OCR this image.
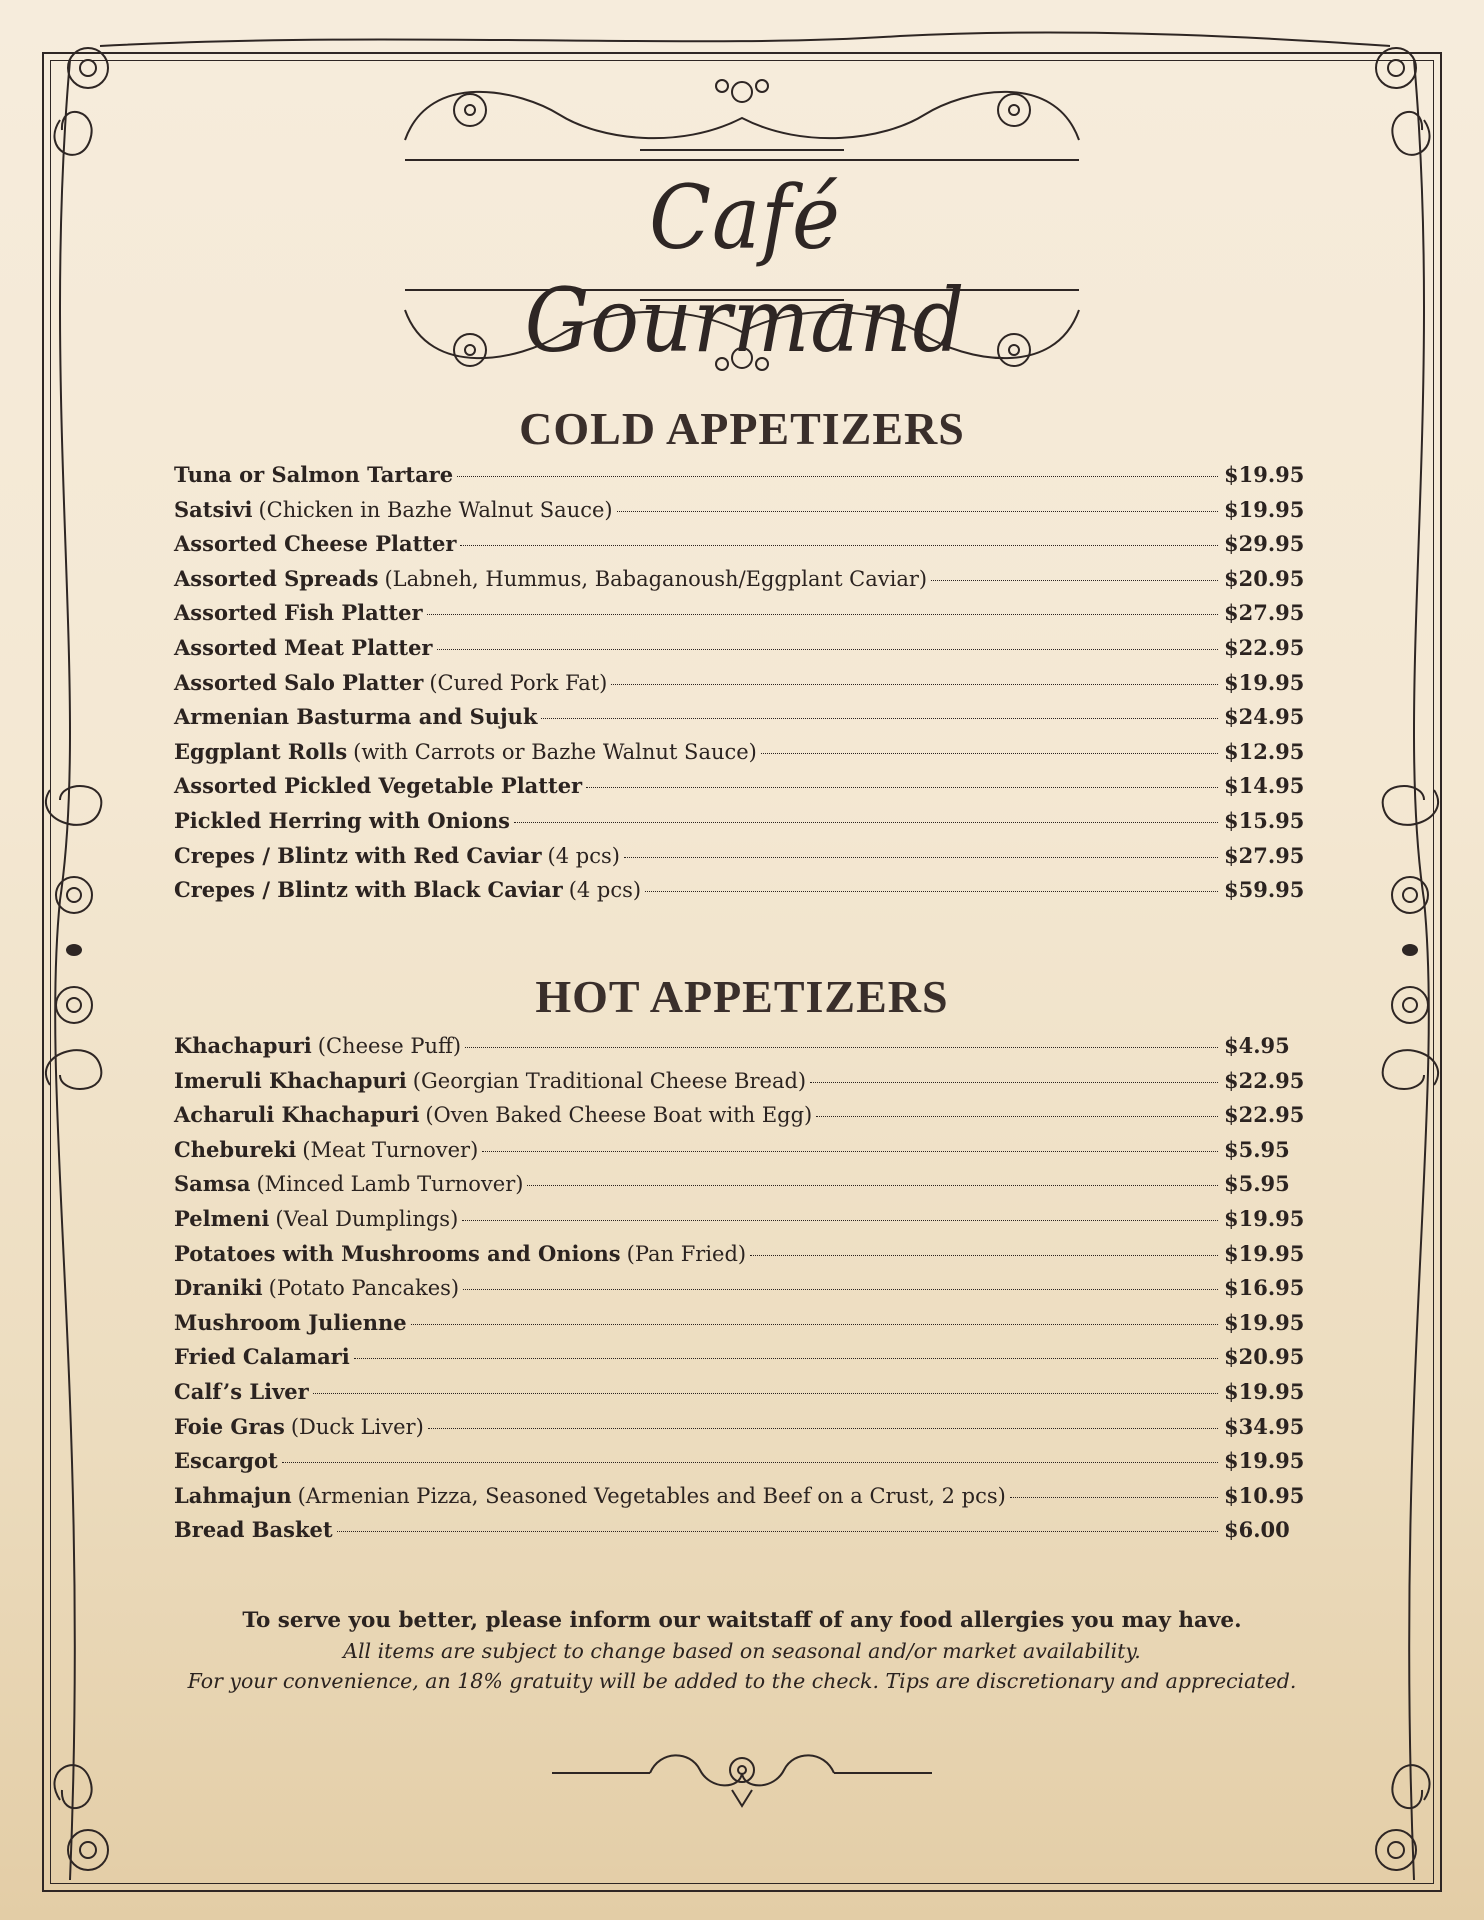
Café Gourmand
COLD APPETIZERS
Tuna or Salmon Tartare	$19.95
Satsivi (Chicken in Bazhe Walnut Sauce)	$19.95
Assorted Cheese Platter	$29.95
Assorted Spreads (Labneh, Hummus, Babaganoush/Eggplant Caviar)	$20.95
Assorted Fish Platter	$27.95
Assorted Meat Platter	$22.95
Assorted Salo Platter (Cured Pork Fat)	$19.95
Armenian Basturma and Sujuk	$24.95
Eggplant Rolls (with Carrots or Bazhe Walnut Sauce)	$12.95
Assorted Pickled Vegetable Platter	$14.95
Pickled Herring with Onions	$15.95
Crepes / Blintz with Red Caviar (4 pcs)	$27.95
Crepes / Blintz with Black Caviar (4 pcs)	$59.95
HOT APPETIZERS
Khachapuri (Cheese Puff)	$4.95
Imeruli Khachapuri (Georgian Traditional Cheese Bread)	$22.95
Acharuli Khachapuri (Oven Baked Cheese Boat with Egg)	$22.95
Chebureki (Meat Turnover)	$5.95
Samsa (Minced Lamb Turnover)	$5.95
Pelmeni (Veal Dumplings)	$19.95
Potatoes with Mushrooms and Onions (Pan Fried)	$19.95
Draniki (Potato Pancakes)	$16.95
Mushroom Julienne	$19.95
Fried Calamari	$20.95
Calf’s Liver	$19.95
Foie Gras (Duck Liver)	$34.95
Escargot	$19.95
Lahmajun (Armenian Pizza, Seasoned Vegetables and Beef on a Crust, 2 pcs)	$10.95
Bread Basket	$6.00
To serve you better, please inform our waitstaff of any food allergies you may have.
All items are subject to change based on seasonal and/or market availability.
For your convenience, an 18% gratuity will be added to the check. Tips are discretionary and appreciated.
